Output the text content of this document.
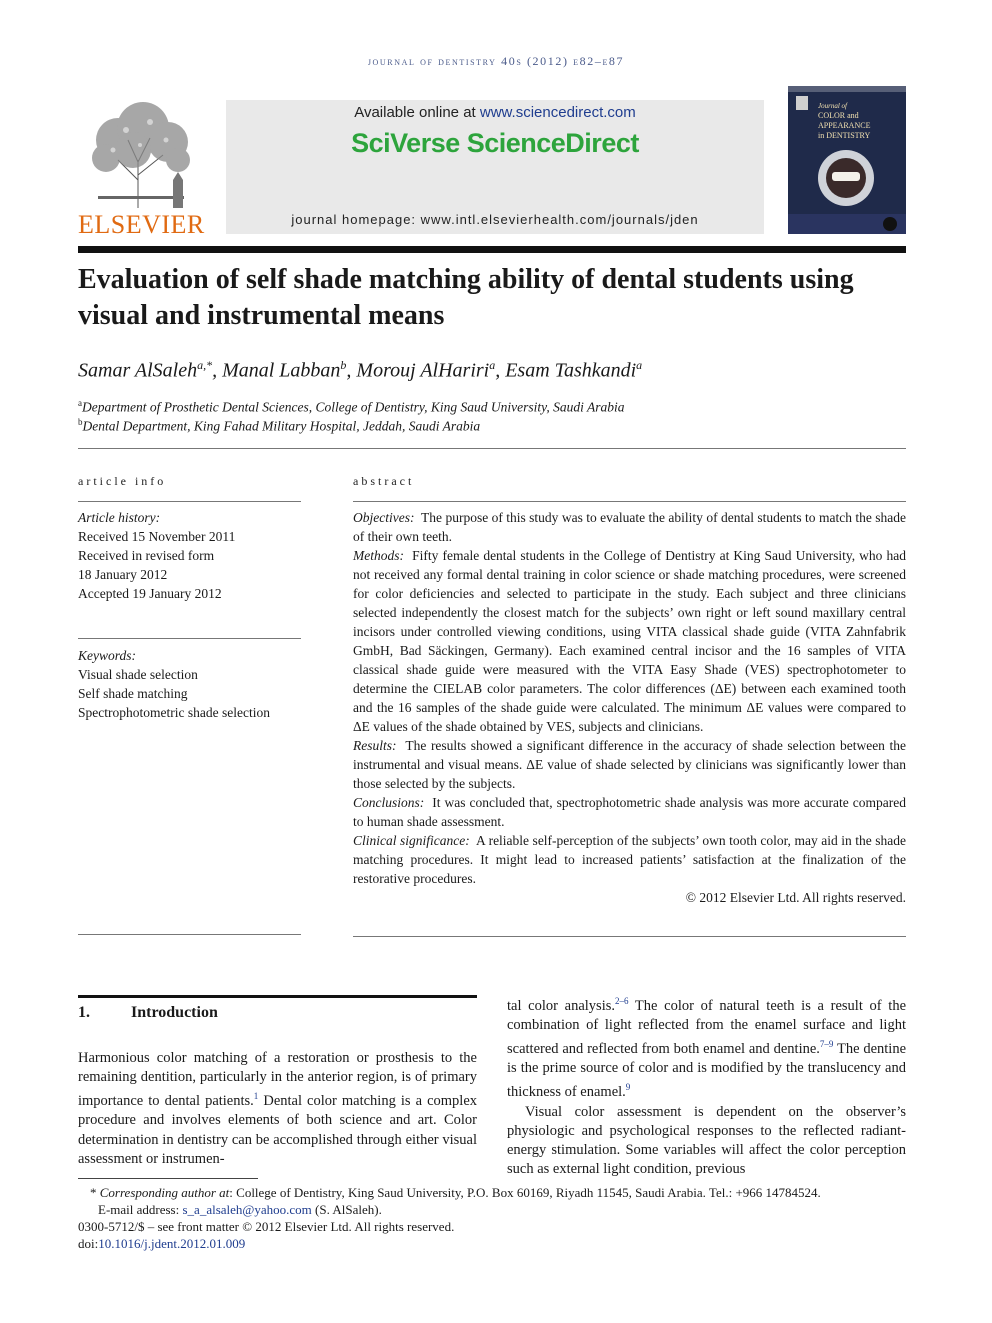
journal of dentistry 40s (2012) e82–e87
ELSEVIER
Available online at www.sciencedirect.com
SciVerse ScienceDirect
journal homepage: www.intl.elsevierhealth.com/journals/jden
Journal of
COLOR and
APPEARANCE
in DENTISTRY
Evaluation of self shade matching ability of dental students using visual and instrumental means
Samar AlSaleh$^{a,*}$, Manal Labban$^b$, Morouj AlHariri$^a$, Esam Tashkandi$^a$
$^a$Department of Prosthetic Dental Sciences, College of Dentistry, King Saud University, Saudi Arabia
$^b$Dental Department, King Fahad Military Hospital, Jeddah, Saudi Arabia
article info
Article history:
Received 15 November 2011
Received in revised form
18 January 2012
Accepted 19 January 2012
Keywords:
Visual shade selection
Self shade matching
Spectrophotometric shade selection
abstract

Objectives: The purpose of this study was to evaluate the ability of dental students to match the shade of their own teeth.

Methods: Fifty female dental students in the College of Dentistry at King Saud University, who had not received any formal dental training in color science or shade matching procedures, were screened for color deficiencies and selected to participate in the study. Each subject and three clinicians selected independently the closest match for the subjects’ own right or left sound maxillary central incisors under controlled viewing conditions, using VITA classical shade guide (VITA Zahnfabrik GmbH, Bad Säckingen, Germany). Each examined central incisor and the 16 samples of VITA classical shade guide were measured with the VITA Easy Shade (VES) spectrophotometer to determine the CIELAB color parameters. The color differences (ΔE) between each examined tooth and the 16 samples of the shade guide were calculated. The minimum ΔE values were compared to ΔE values of the shade obtained by VES, subjects and clinicians.

Results: The results showed a significant difference in the accuracy of shade selection between the instrumental and visual means. ΔE value of shade selected by clinicians was significantly lower than those selected by the subjects.

Conclusions: It was concluded that, spectrophotometric shade analysis was more accurate compared to human shade assessment.

Clinical significance: A reliable self-perception of the subjects’ own tooth color, may aid in the shade matching procedures. It might lead to increased patients’ satisfaction at the finalization of the restorative procedures.

© 2012 Elsevier Ltd. All rights reserved.

1.	Introduction

Harmonious color matching of a restoration or prosthesis to the remaining dentition, particularly in the anterior region, is of primary importance to dental patients.$^1$ Dental color matching is a complex procedure and involves elements of both science and art. Color determination in dentistry can be accomplished through either visual assessment or instrumen-

tal color analysis.$^{2-6}$ The color of natural teeth is a result of the combination of light reflected from the enamel surface and light scattered and reflected from both enamel and dentine.$^{7-9}$ The dentine is the prime source of color and is modified by the translucency and thickness of enamel.$^9$

Visual color assessment is dependent on the observer’s physiologic and psychological responses to the reflected radiant-energy stimulation. Some variables will affect the color perception such as external light condition, previous

* Corresponding author at: College of Dentistry, King Saud University, P.O. Box 60169, Riyadh 11545, Saudi Arabia. Tel.: +966 14784524.
E-mail address: s_a_alsaleh@yahoo.com (S. AlSaleh).
0300-5712/$ – see front matter © 2012 Elsevier Ltd. All rights reserved.
doi:10.1016/j.jdent.2012.01.009
